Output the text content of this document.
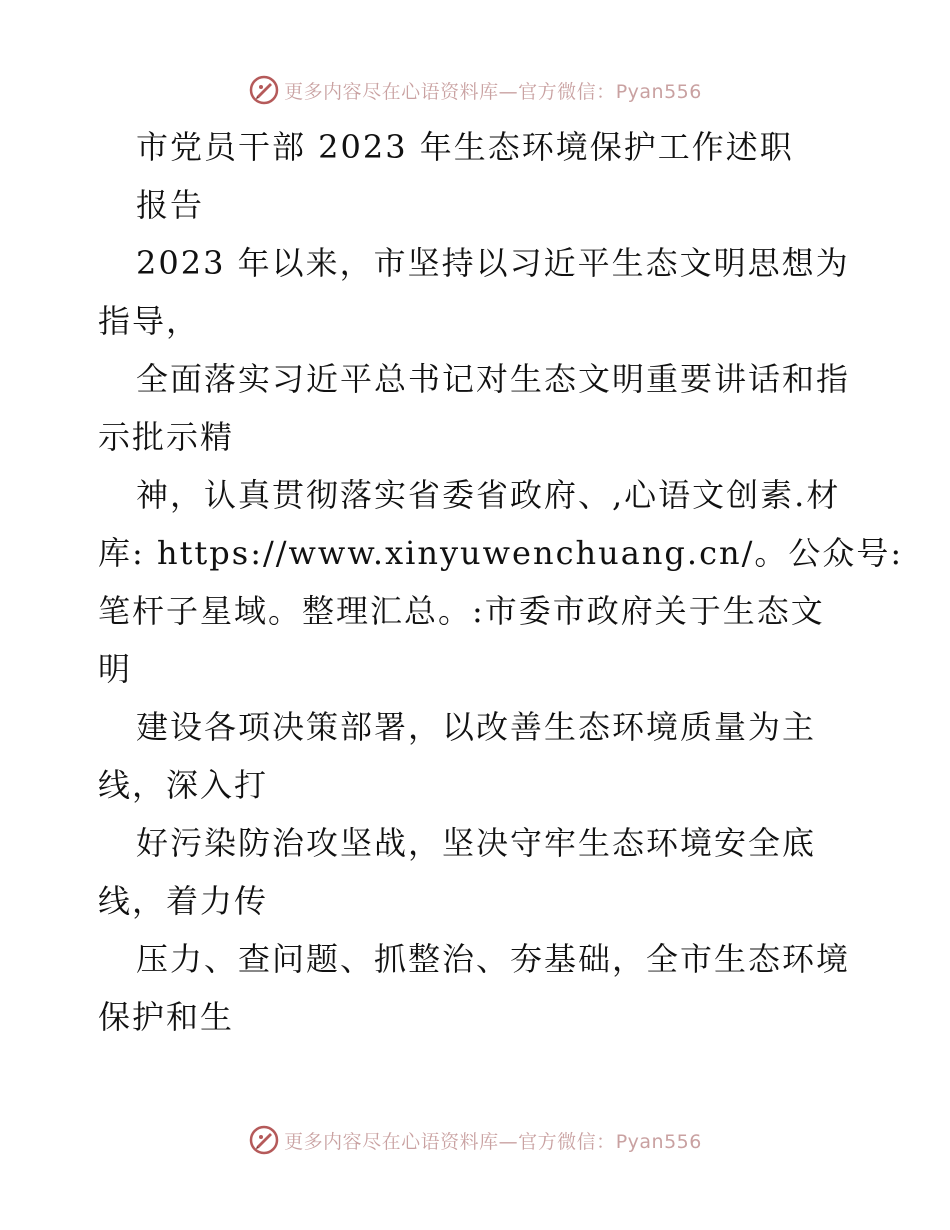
更多内容尽在心语资料库—官方微信：Pyan556
市党员干部 2023 年生态环境保护工作述职
报告
2023 年以来，市坚持以习近平生态文明思想为
指导，
全面落实习近平总书记对生态文明重要讲话和指
示批示精
神，认真贯彻落实省委省政府、,心语文创素.材
库: https://www.xinyuwenchuang.cn/。公众号:
笔杆子星域。整理汇总。:市委市政府关于生态文
明
建设各项决策部署，以改善生态环境质量为主
线，深入打
好污染防治攻坚战，坚决守牢生态环境安全底
线，着力传
压力、查问题、抓整治、夯基础，全市生态环境
保护和生
更多内容尽在心语资料库—官方微信：Pyan556
